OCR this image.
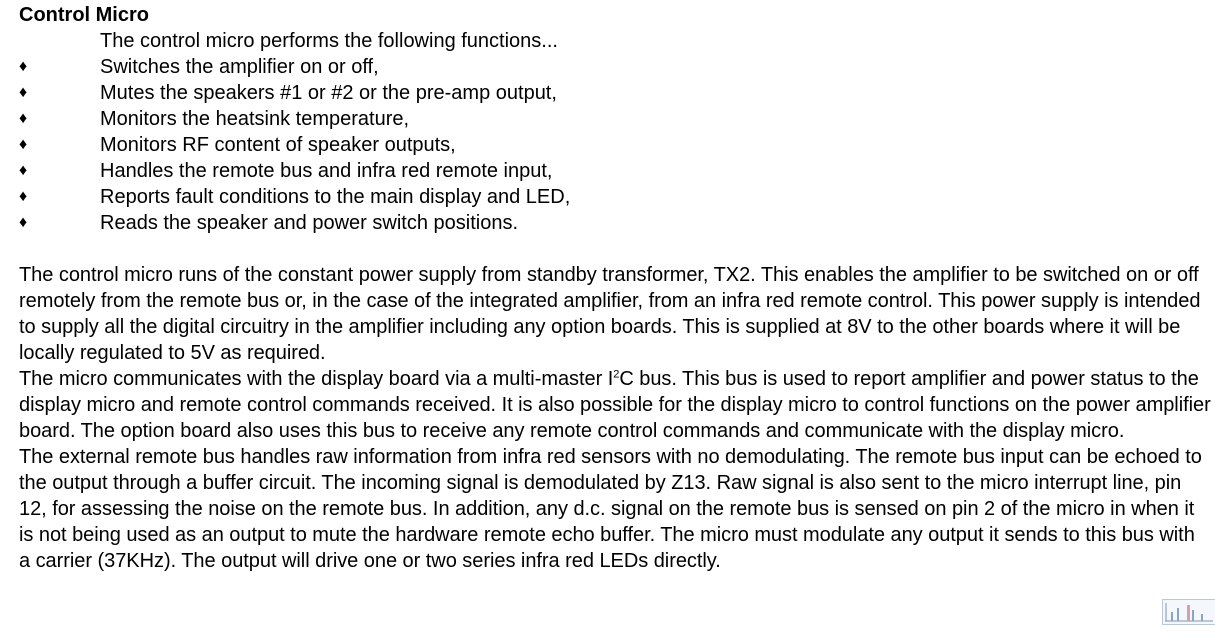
Control Micro

The control micro performs the following functions...

♦	Switches the amplifier on or off,
♦	Mutes the speakers #1 or #2 or the pre-amp output,
♦	Monitors the heatsink temperature,
♦	Monitors RF content of speaker outputs,
♦	Handles the remote bus and infra red remote input,
♦	Reports fault conditions to the main display and LED,
♦	Reads the speaker and power switch positions.

The control micro runs of the constant power supply from standby transformer, TX2. This enables the amplifier to be switched on or off remotely from the remote bus or, in the case of the integrated amplifier, from an infra red remote control. This power supply is intended to supply all the digital circuitry in the amplifier including any option boards. This is supplied at 8V to the other boards where it will be locally regulated to 5V as required.

The micro communicates with the display board via a multi-master $I^2C$ bus. This bus is used to report amplifier and power status to the display micro and remote control commands received. It is also possible for the display micro to control functions on the power amplifier board. The option board also uses this bus to receive any remote control commands and communicate with the display micro.

The external remote bus handles raw information from infra red sensors with no demodulating. The remote bus input can be echoed to the output through a buffer circuit. The incoming signal is demodulated by Z13. Raw signal is also sent to the micro interrupt line, pin 12, for assessing the noise on the remote bus. In addition, any d.c. signal on the remote bus is sensed on pin 2 of the micro in when it is not being used as an output to mute the hardware remote echo buffer. The micro must modulate any output it sends to this bus with a carrier (37KHz). The output will drive one or two series infra red LEDs directly.
